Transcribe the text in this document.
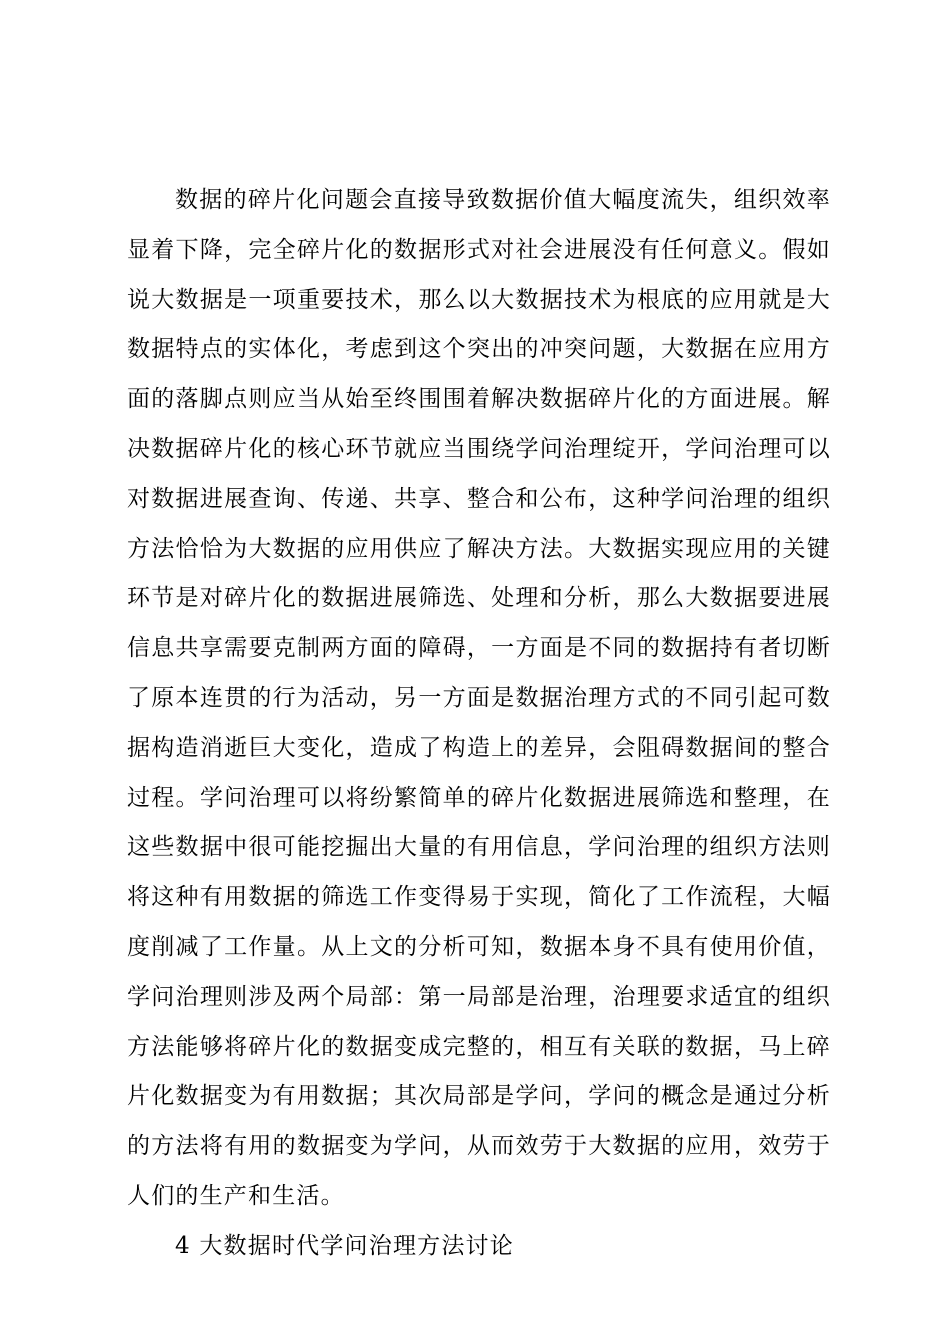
数据的碎片化问题会直接导致数据价值大幅度流失，组织效率显着下降，完全碎片化的数据形式对社会进展没有任何意义。假如说大数据是一项重要技术，那么以大数据技术为根底的应用就是大数据特点的实体化，考虑到这个突出的冲突问题，大数据在应用方面的落脚点则应当从始至终围围着解决数据碎片化的方面进展。解决数据碎片化的核心环节就应当围绕学问治理绽开，学问治理可以对数据进展查询、传递、共享、整合和公布，这种学问治理的组织方法恰恰为大数据的应用供应了解决方法。大数据实现应用的关键环节是对碎片化的数据进展筛选、处理和分析，那么大数据要进展信息共享需要克制两方面的障碍，一方面是不同的数据持有者切断了原本连贯的行为活动，另一方面是数据治理方式的不同引起可数据构造消逝巨大变化，造成了构造上的差异，会阻碍数据间的整合过程。学问治理可以将纷繁简单的碎片化数据进展筛选和整理，在这些数据中很可能挖掘出大量的有用信息，学问治理的组织方法则将这种有用数据的筛选工作变得易于实现，简化了工作流程，大幅度削减了工作量。从上文的分析可知，数据本身不具有使用价值，学问治理则涉及两个局部：第一局部是治理，治理要求适宜的组织方法能够将碎片化的数据变成完整的，相互有关联的数据，马上碎片化数据变为有用数据；其次局部是学问，学问的概念是通过分析的方法将有用的数据变为学问，从而效劳于大数据的应用，效劳于人们的生产和生活。

4 大数据时代学问治理方法讨论
